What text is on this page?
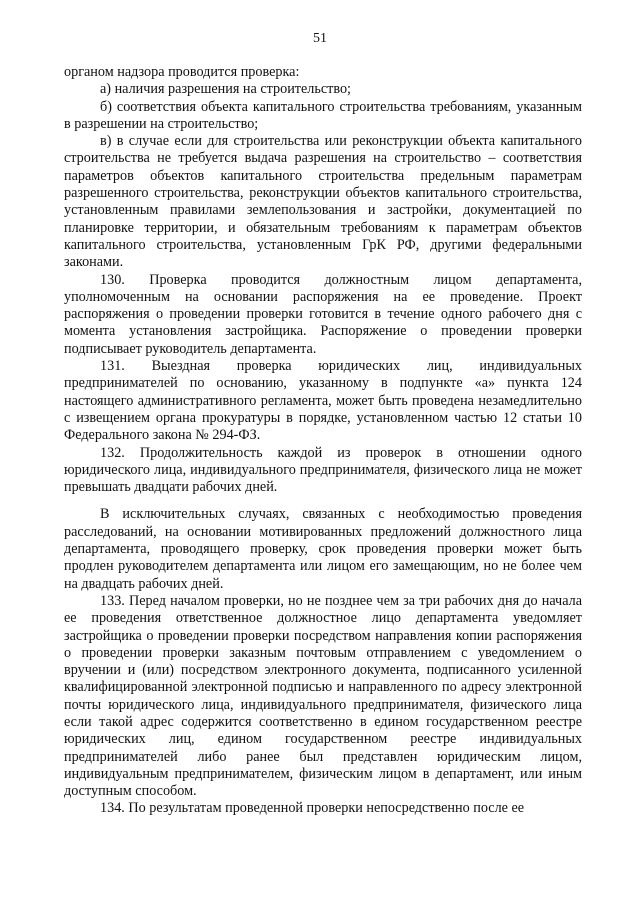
51

органом надзора проводится проверка:

а) наличия разрешения на строительство;

б) соответствия объекта капитального строительства требованиям, указанным в разрешении на строительство;

в) в случае если для строительства или реконструкции объекта капитального строительства не требуется выдача разрешения на строительство – соответствия параметров объектов капитального строительства предельным параметрам разрешенного строительства, реконструкции объектов капитального строительства, установленным правилами землепользования и застройки, документацией по планировке территории, и обязательным требованиям к параметрам объектов капитального строительства, установленным ГрК РФ, другими федеральными законами.

130. Проверка проводится должностным лицом департамента, уполномоченным на основании распоряжения на ее проведение. Проект распоряжения о проведении проверки готовится в течение одного рабочего дня с момента установления застройщика. Распоряжение о проведении проверки подписывает руководитель департамента.

131. Выездная проверка юридических лиц, индивидуальных предпринимателей по основанию, указанному в подпункте «а» пункта 124 настоящего административного регламента, может быть проведена незамедлительно с извещением органа прокуратуры в порядке, установленном частью 12 статьи 10 Федерального закона № 294-ФЗ.

132. Продолжительность каждой из проверок в отношении одного юридического лица, индивидуального предпринимателя, физического лица не может превышать двадцати рабочих дней.

В исключительных случаях, связанных с необходимостью проведения расследований, на основании мотивированных предложений должностного лица департамента, проводящего проверку, срок проведения проверки может быть продлен руководителем департамента или лицом его замещающим, но не более чем на двадцать рабочих дней.

133. Перед началом проверки, но не позднее чем за три рабочих дня до начала ее проведения ответственное должностное лицо департамента уведомляет застройщика о проведении проверки посредством направления копии распоряжения о проведении проверки заказным почтовым отправлением с уведомлением о вручении и (или) посредством электронного документа, подписанного усиленной квалифицированной электронной подписью и направленного по адресу электронной почты юридического лица, индивидуального предпринимателя, физического лица если такой адрес содержится соответственно в едином государственном реестре юридических лиц, едином государственном реестре индивидуальных предпринимателей либо ранее был представлен юридическим лицом, индивидуальным предпринимателем, физическим лицом в департамент, или иным доступным способом.

134. По результатам проведенной проверки непосредственно после ее
